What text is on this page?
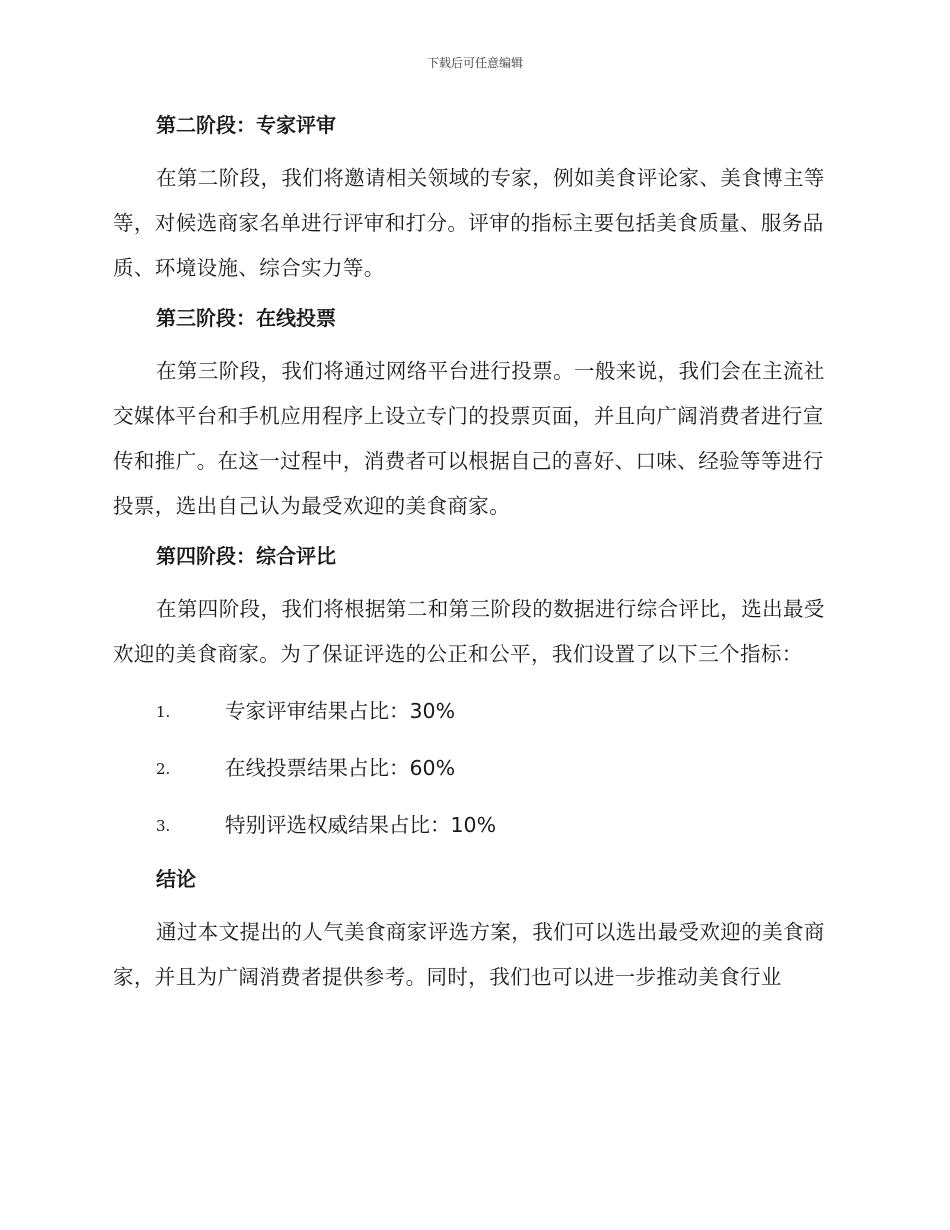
下载后可任意编辑
第二阶段：专家评审

在第二阶段，我们将邀请相关领域的专家，例如美食评论家、美食博主等等，对候选商家名单进行评审和打分。评审的指标主要包括美食质量、服务品质、环境设施、综合实力等。

第三阶段：在线投票

在第三阶段，我们将通过网络平台进行投票。一般来说，我们会在主流社交媒体平台和手机应用程序上设立专门的投票页面，并且向广阔消费者进行宣传和推广。在这一过程中，消费者可以根据自己的喜好、口味、经验等等进行投票，选出自己认为最受欢迎的美食商家。

第四阶段：综合评比

在第四阶段，我们将根据第二和第三阶段的数据进行综合评比，选出最受欢迎的美食商家。为了保证评选的公正和公平，我们设置了以下三个指标：

1.	专家评审结果占比：30%
2.	在线投票结果占比：60%
3.	特别评选权威结果占比：10%
结论

通过本文提出的人气美食商家评选方案，我们可以选出最受欢迎的美食商家，并且为广阔消费者提供参考。同时，我们也可以进一步推动美食行业
